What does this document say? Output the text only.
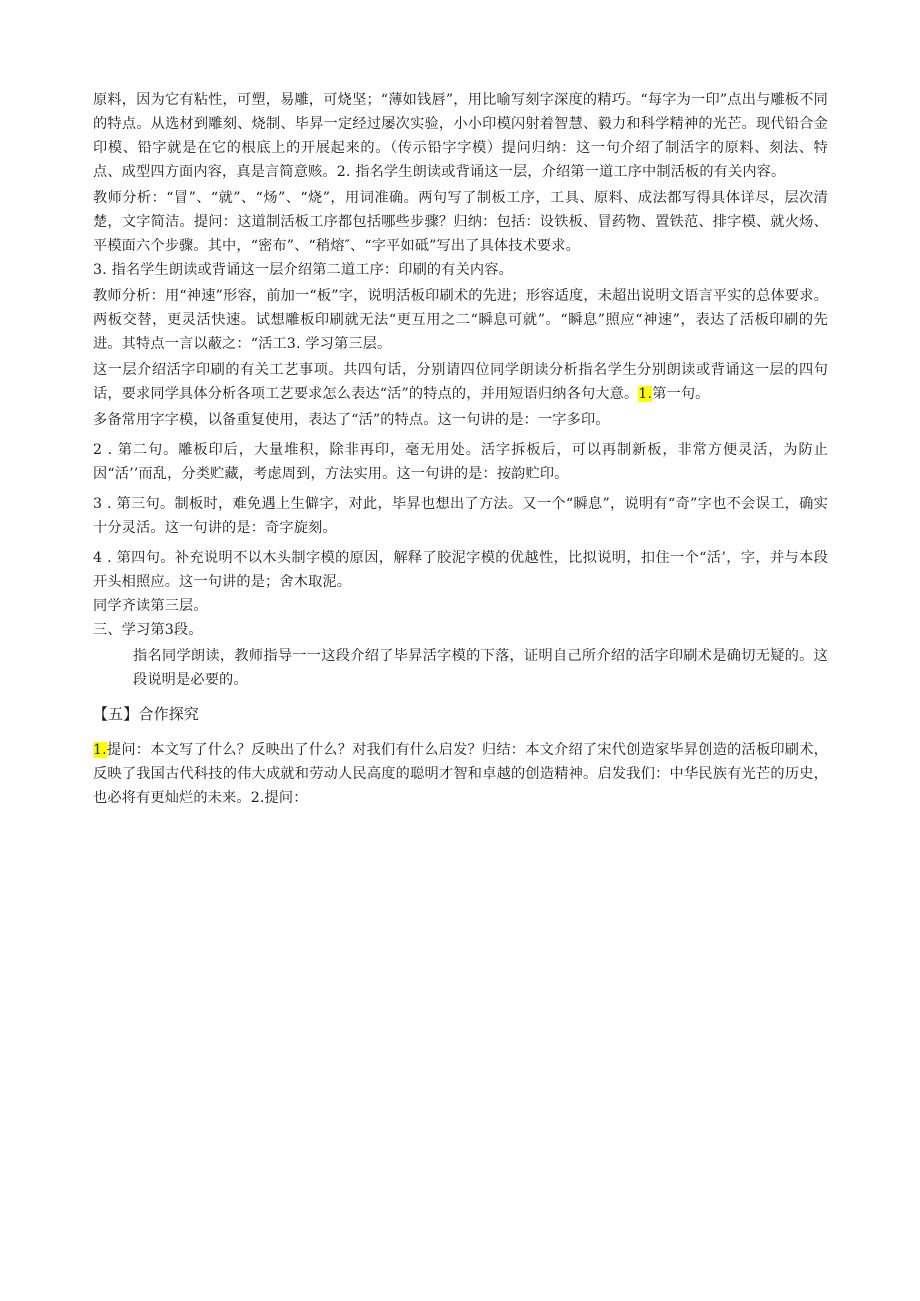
原料，因为它有粘性，可塑，易雕，可烧坚；“薄如钱唇”，用比喻写刻字深度的精巧。“每字为一印”点出与雕板不同的特点。从选材到雕刻、烧制、毕昇一定经过屡次实验，小小印模闪射着智慧、毅力和科学精神的光芒。现代铅合金印模、铅字就是在它的根底上的开展起来的。（传示铅字字模）提问归纳：这一句介绍了制活字的原料、刻法、特点、成型四方面内容，真是言简意赅。2. 指名学生朗读或背诵这一层，介绍第一道工序中制活板的有关内容。

教师分析：“冒”、“就”、“炀”、“烧”，用词准确。两句写了制板工序，工具、原料、成法都写得具体详尽，层次清楚，文字简洁。提问：这道制活板工序都包括哪些步骤？归纳：包括：设铁板、冒药物、置铁范、排字模、就火炀、平模面六个步骤。其中，“密布”、“稍熔″、“字平如砥”写出了具体技术要求。

3. 指名学生朗读或背诵这一层介绍第二道工序：印刷的有关内容。

教师分析：用“神速”形容，前加一“板”字，说明活板印刷术的先进；形容适度，未超出说明文语言平实的总体要求。两板交替，更灵活快速。试想雕板印刷就无法“更互用之二“瞬息可就”。“瞬息”照应“神速”，表达了活板印刷的先进。其特点一言以蔽之：“活工3. 学习第三层。

这一层介绍活字印刷的有关工艺事项。共四句话，分别请四位同学朗读分析指名学生分别朗读或背诵这一层的四句话，要求同学具体分析各项工艺要求怎么表达“活”的特点的，并用短语归纳各句大意。1.第一句。

多备常用字字模，以备重复使用，表达了“活”的特点。这一句讲的是：一字多印。

2 . 第二句。雕板印后，大量堆积，除非再印，毫无用处。活字拆板后，可以再制新板，非常方便灵活，为防止因“活’’而乱，分类贮藏，考虑周到，方法实用。这一句讲的是：按韵贮印。

3 . 第三句。制板时，难免遇上生僻字，对此，毕昇也想出了方法。又一个“瞬息”，说明有“奇”字也不会误工，确实十分灵活。这一句讲的是：奇字旋刻。

4 . 第四句。补充说明不以木头制字模的原因，解释了胶泥字模的优越性，比拟说明，扣住一个“活’，字，并与本段开头相照应。这一句讲的是；舍木取泥。

同学齐读第三层。

三、学习第3段。

指名同学朗读，教师指导一一这段介绍了毕昇活字模的下落，证明自己所介绍的活字印刷术是确切无疑的。这段说明是必要的。

【五】合作探究

1.提问：本文写了什么？反映出了什么？对我们有什么启发？归结：本文介绍了宋代创造家毕昇创造的活板印刷术，反映了我国古代科技的伟大成就和劳动人民高度的聪明才智和卓越的创造精神。启发我们：中华民族有光芒的历史，也必将有更灿烂的未来。2.提问：
